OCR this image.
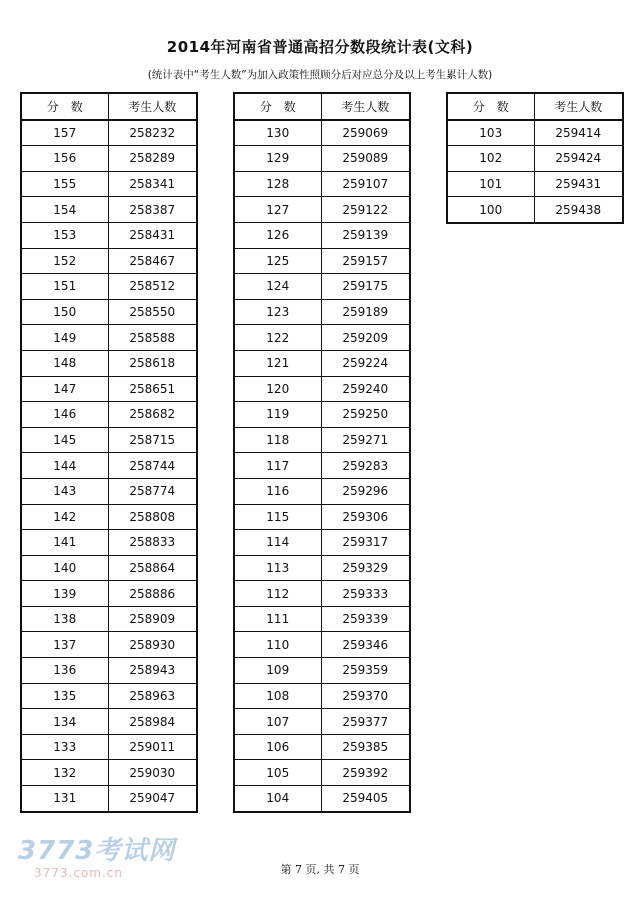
2014年河南省普通高招分数段统计表(文科)
(统计表中“考生人数”为加入政策性照顾分后对应总分及以上考生累计人数)
分　数	考生人数
157	258232
156	258289
155	258341
154	258387
153	258431
152	258467
151	258512
150	258550
149	258588
148	258618
147	258651
146	258682
145	258715
144	258744
143	258774
142	258808
141	258833
140	258864
139	258886
138	258909
137	258930
136	258943
135	258963
134	258984
133	259011
132	259030
131	259047
分　数	考生人数
130	259069
129	259089
128	259107
127	259122
126	259139
125	259157
124	259175
123	259189
122	259209
121	259224
120	259240
119	259250
118	259271
117	259283
116	259296
115	259306
114	259317
113	259329
112	259333
111	259339
110	259346
109	259359
108	259370
107	259377
106	259385
105	259392
104	259405
分　数	考生人数
103	259414
102	259424
101	259431
100	259438
3773考试网
3773.com.cn	第 7 页, 共 7 页
